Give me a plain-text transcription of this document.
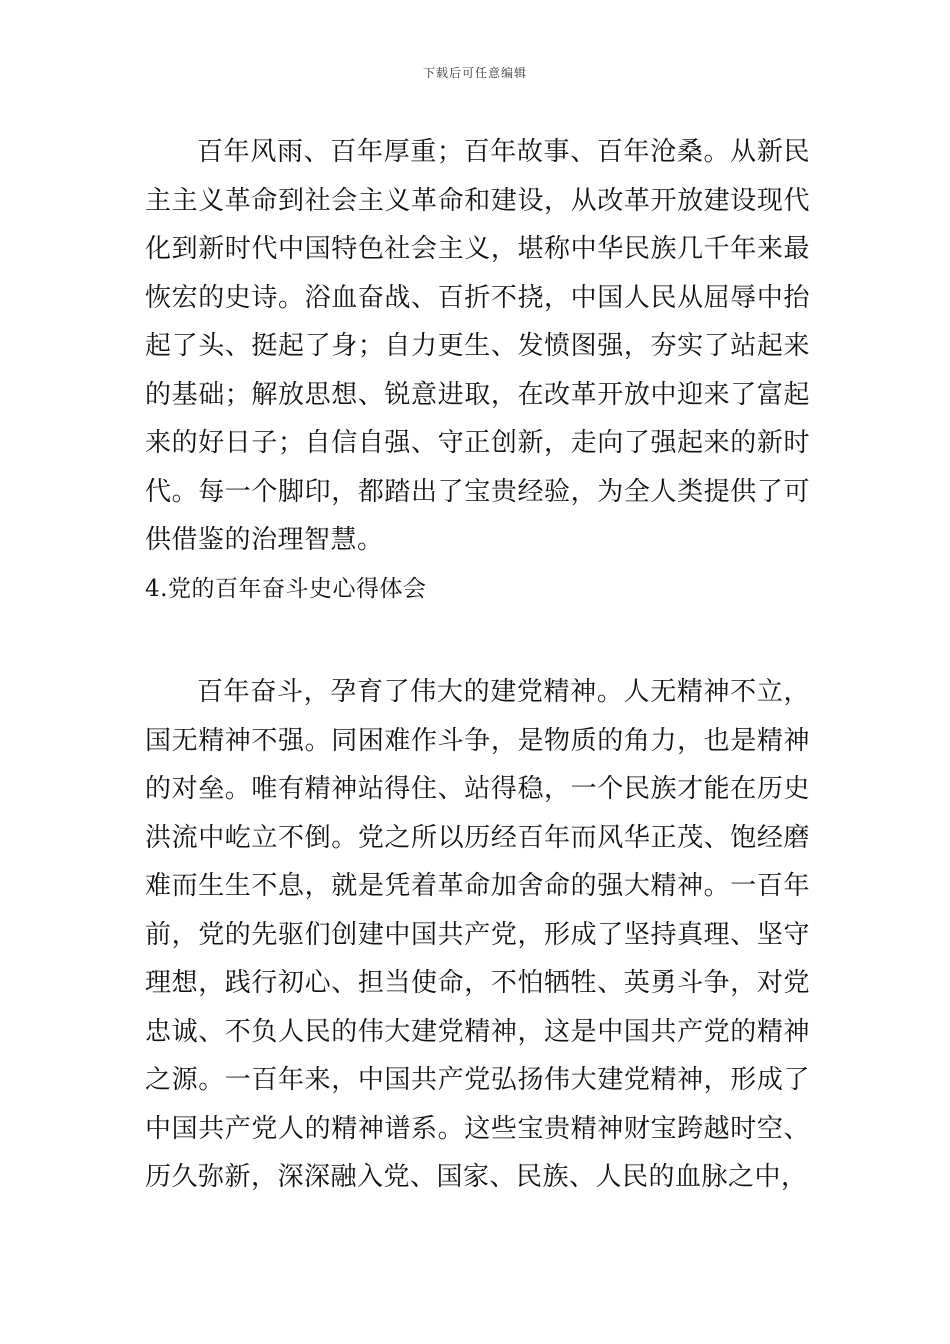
下载后可任意编辑

百年风雨、百年厚重；百年故事、百年沧桑。从新民主主义革命到社会主义革命和建设，从改革开放建设现代化到新时代中国特色社会主义，堪称中华民族几千年来最恢宏的史诗。浴血奋战、百折不挠，中国人民从屈辱中抬起了头、挺起了身；自力更生、发愤图强，夯实了站起来的基础；解放思想、锐意进取，在改革开放中迎来了富起来的好日子；自信自强、守正创新，走向了强起来的新时代。每一个脚印，都踏出了宝贵经验，为全人类提供了可供借鉴的治理智慧。

4.党的百年奋斗史心得体会

百年奋斗，孕育了伟大的建党精神。人无精神不立，国无精神不强。同困难作斗争，是物质的角力，也是精神的对垒。唯有精神站得住、站得稳，一个民族才能在历史洪流中屹立不倒。党之所以历经百年而风华正茂、饱经磨难而生生不息，就是凭着革命加舍命的强大精神。一百年前，党的先驱们创建中国共产党，形成了坚持真理、坚守理想，践行初心、担当使命，不怕牺牲、英勇斗争，对党忠诚、不负人民的伟大建党精神，这是中国共产党的精神之源。一百年来，中国共产党弘扬伟大建党精神，形成了中国共产党人的精神谱系。这些宝贵精神财宝跨越时空、历久弥新，深深融入党、国家、民族、人民的血脉之中，
